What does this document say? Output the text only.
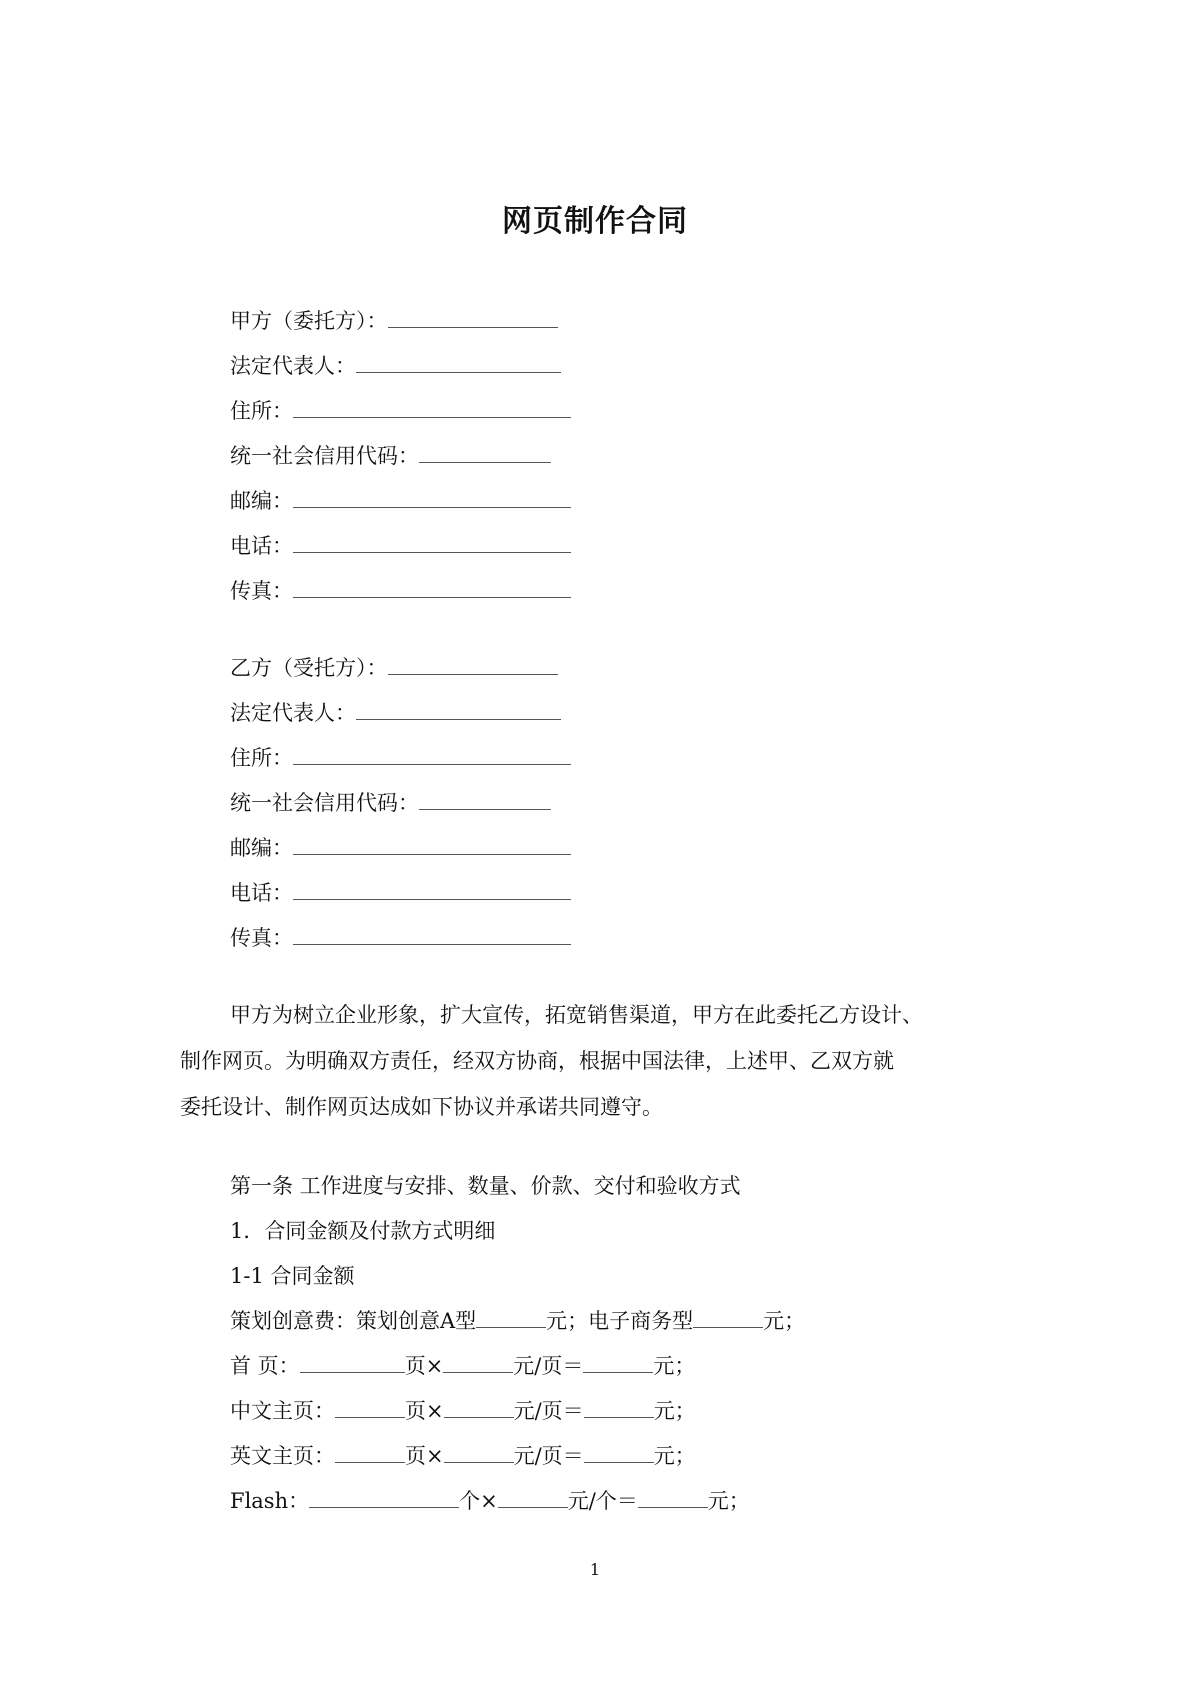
网页制作合同
甲方（委托方）：
法定代表人：
住所：
统一社会信用代码：
邮编：
电话：
传真：
乙方（受托方）：
法定代表人：
住所：
统一社会信用代码：
邮编：
电话：
传真：

甲方为树立企业形象，扩大宣传，拓宽销售渠道，甲方在此委托乙方设计、

制作网页。为明确双方责任，经双方协商，根据中国法律，上述甲、乙双方就

委托设计、制作网页达成如下协议并承诺共同遵守。

第一条 工作进度与安排、数量、价款、交付和验收方式
1．合同金额及付款方式明细
1-1 合同金额
策划创意费：策划创意A型	元；电子商务型	元；
首 页：	页×	元/页＝	元；
中文主页：	页×	元/页＝	元；
英文主页：	页×	元/页＝	元；
Flash：	个×	元/个＝	元；
1
